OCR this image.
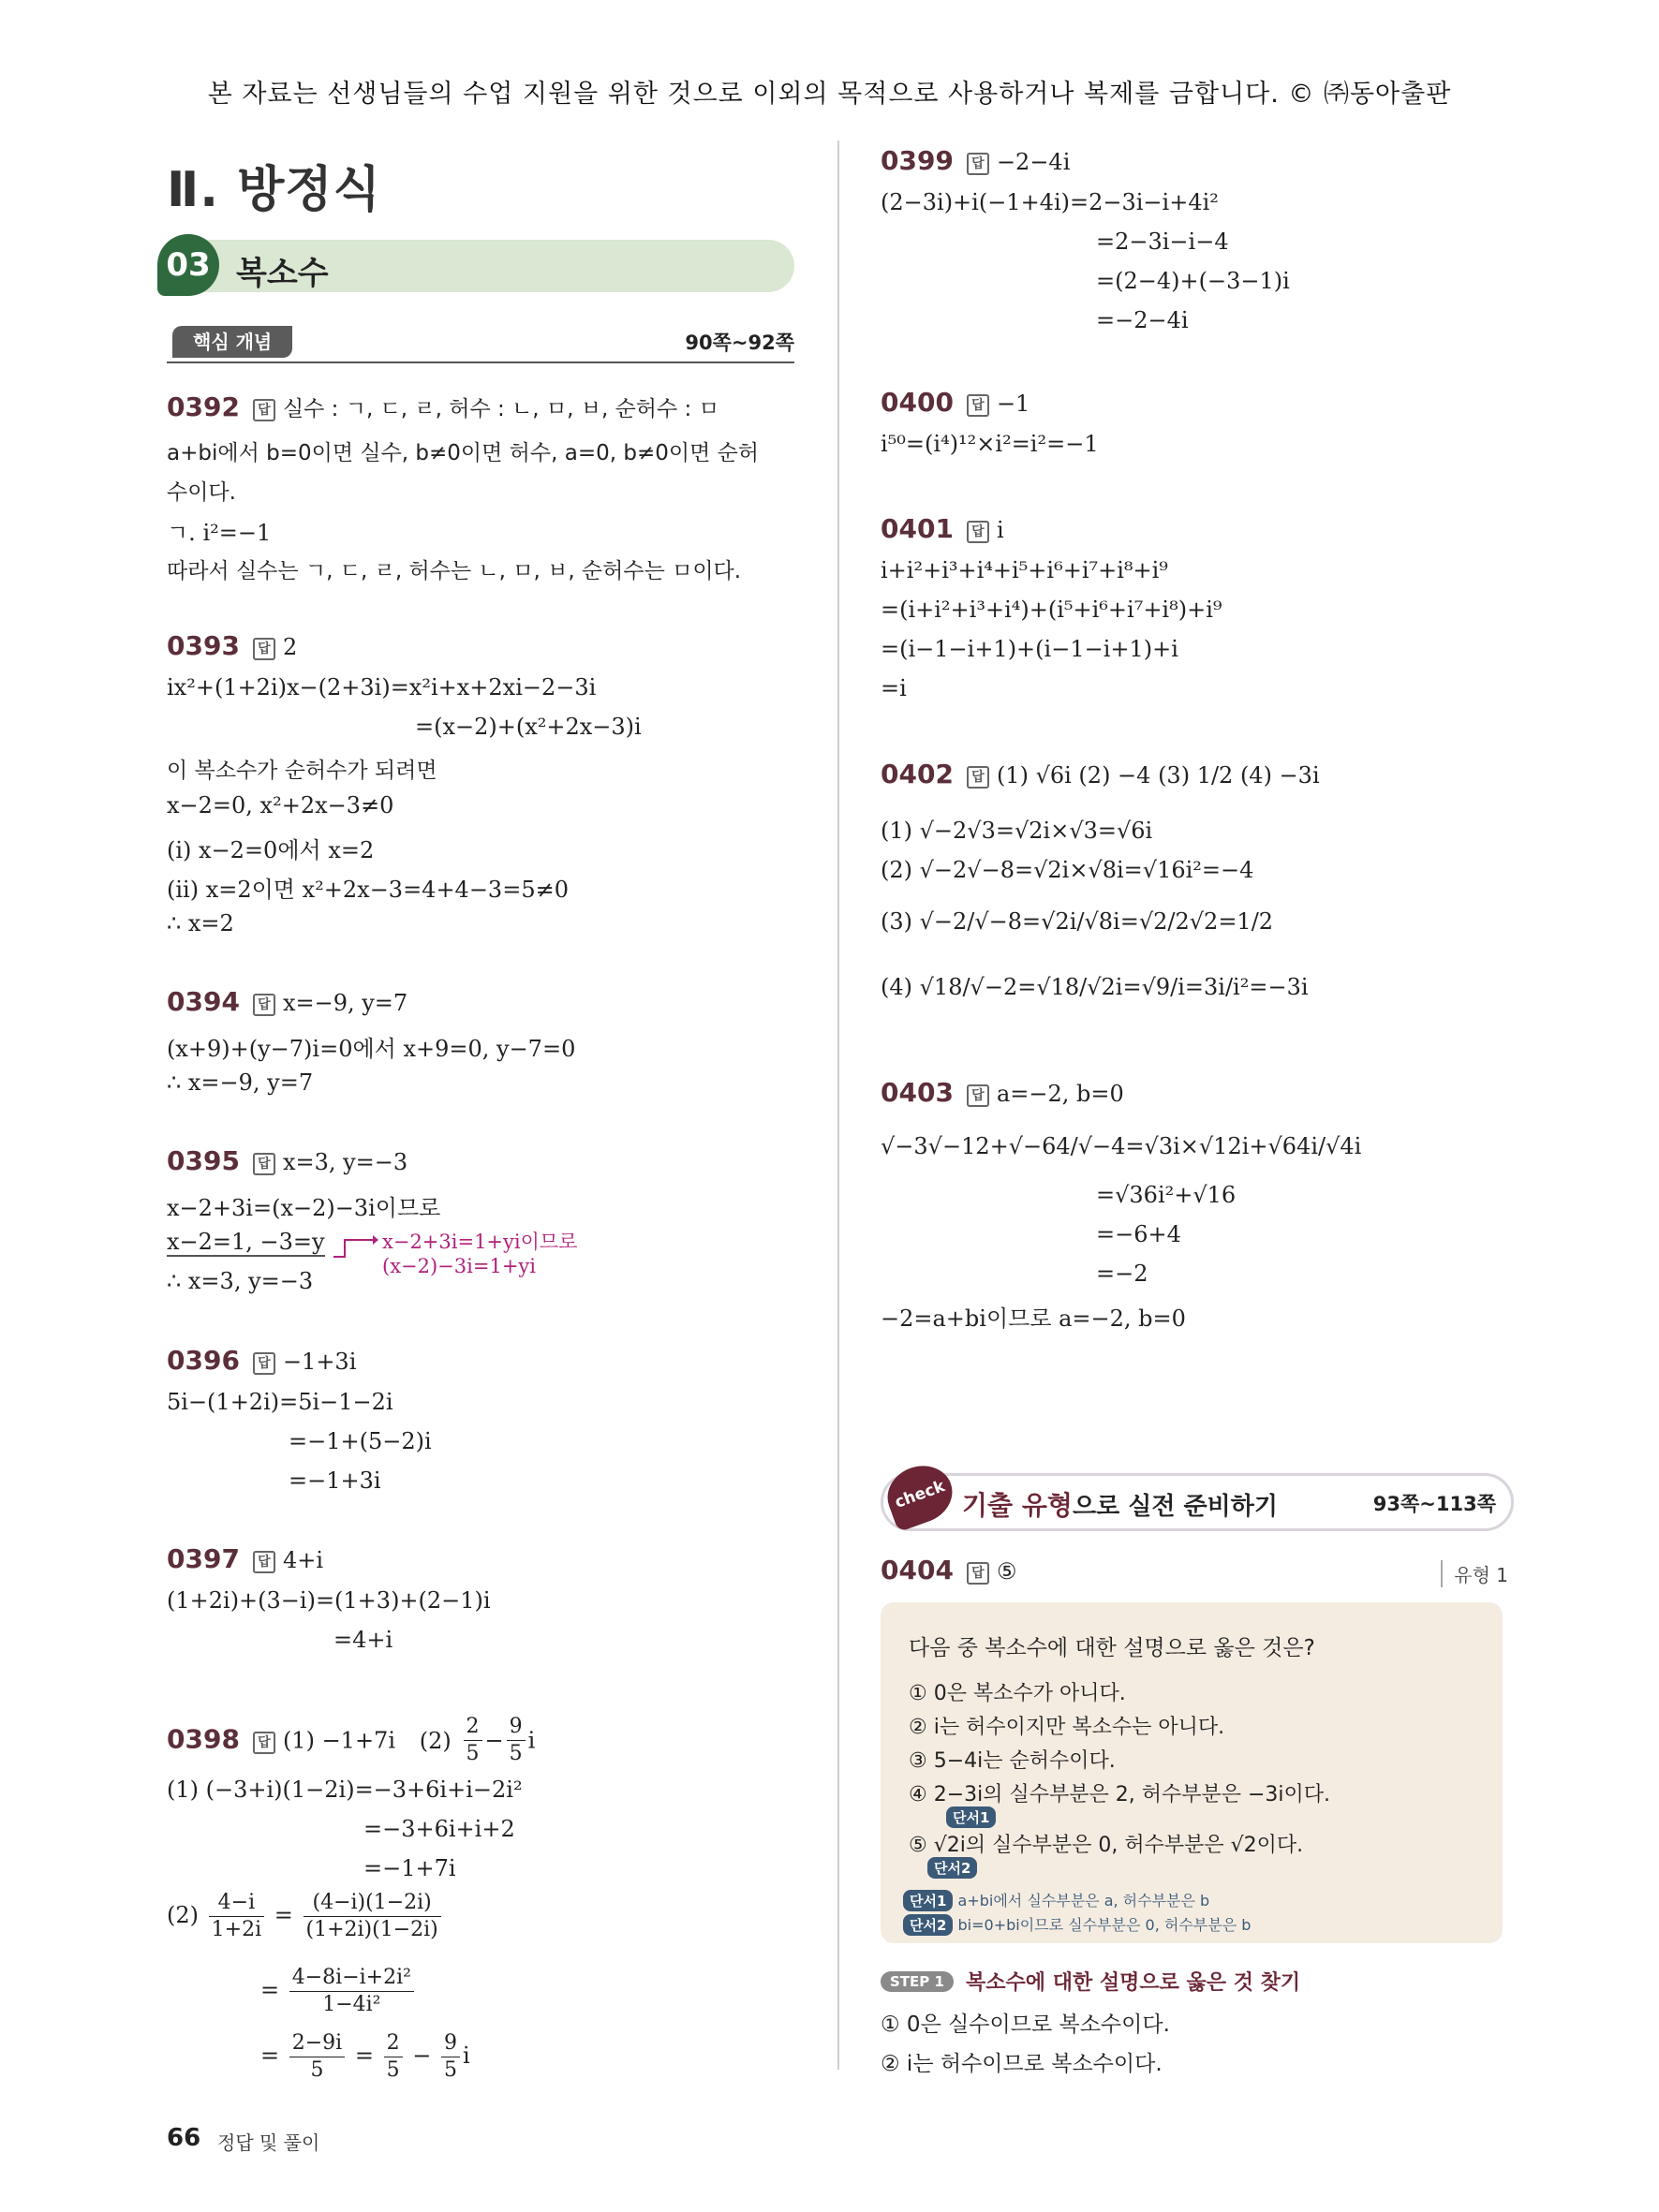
본 자료는 선생님들의 수업 지원을 위한 것으로 이외의 목적으로 사용하거나 복제를 금합니다. © ㈜동아출판
Ⅱ. 방정식
03 복소수
핵심 개념	90쪽~92쪽
0392 답 실수 : ㄱ, ㄷ, ㄹ, 허수 : ㄴ, ㅁ, ㅂ, 순허수 : ㅁ
a+bi에서 b=0이면 실수, b≠0이면 허수, a=0, b≠0이면 순허
수이다.
ㄱ. i²=−1
따라서 실수는 ㄱ, ㄷ, ㄹ, 허수는 ㄴ, ㅁ, ㅂ, 순허수는 ㅁ이다.
0393 답 2
ix²+(1+2i)x−(2+3i)=x²i+x+2xi−2−3i
=(x−2)+(x²+2x−3)i
이 복소수가 순허수가 되려면
x−2=0, x²+2x−3≠0
(i) x−2=0에서 x=2
(ii) x=2이면 x²+2x−3=4+4−3=5≠0
∴ x=2
0394 답 x=−9, y=7
(x+9)+(y−7)i=0에서 x+9=0, y−7=0
∴ x=−9, y=7
0395 답 x=3, y=−3
x−2+3i=(x−2)−3i이므로
x−2=1, −3=y
∴ x=3, y=−3
x−2+3i=1+yi이므로
(x−2)−3i=1+yi
0396 답 −1+3i
5i−(1+2i)=5i−1−2i
=−1+(5−2)i
=−1+3i
0397 답 4+i
(1+2i)+(3−i)=(1+3)+(2−1)i
=4+i
0398 답 (1) −1+7i $(2) \frac{2}{5} - \frac{9}{5}$ i
(1) (−3+i)(1−2i)=−3+6i+i−2i²
=−3+6i+i+2
=−1+7i
$(2) \frac{4-i}{1+2i} = \frac{(4-i)(1-2i)}{(1+2i)(1-2i)}$
= $\frac{\text{4−8i−i+2i²}}{\text{1−4i²}}$
= $\frac{2-9i}{5} = \frac{2}{5} - \frac{9}{5}$ i
0399 답 −2−4i
(2−3i)+i(−1+4i)=2−3i−i+4i²
=2−3i−i−4
=(2−4)+(−3−1)i
=−2−4i
0400 답 −1
i⁵⁰=(i⁴)¹²×i²=i²=−1
0401 답 i
i+i²+i³+i⁴+i⁵+i⁶+i⁷+i⁸+i⁹
=(i+i²+i³+i⁴)+(i⁵+i⁶+i⁷+i⁸)+i⁹
=(i−1−i+1)+(i−1−i+1)+i
=i
0402 답 (1) √6i (2) −4 (3) 1/2 (4) −3i
(1) √−2√3=√2i×√3=√6i
(2) √−2√−8=√2i×√8i=√16i²=−4
(3) √−2/√−8=√2i/√8i=√2/2√2=1/2
(4) √18/√−2=√18/√2i=√9/i=3i/i²=−3i
0403 답 a=−2, b=0
√−3√−12+√−64/√−4=√3i×√12i+√64i/√4i
=√36i²+√16
=−6+4
=−2
−2=a+bi이므로 a=−2, b=0
check 기출 유형으로 실전 준비하기	93쪽~113쪽
0404 답 ⑤	유형 1
다음 중 복소수에 대한 설명으로 옳은 것은?
① 0은 복소수가 아니다.
② i는 허수이지만 복소수는 아니다.
③ 5−4i는 순허수이다.
④ 2−3i의 실수부분은 2, 허수부분은 −3i이다.
단서1
⑤ √2i의 실수부분은 0, 허수부분은 √2이다.
단서2
단서1 a+bi에서 실수부분은 a, 허수부분은 b
단서2 bi=0+bi이므로 실수부분은 0, 허수부분은 b
STEP 1 복소수에 대한 설명으로 옳은 것 찾기
① 0은 실수이므로 복소수이다.
② i는 허수이므로 복소수이다.
66 정답 및 풀이
